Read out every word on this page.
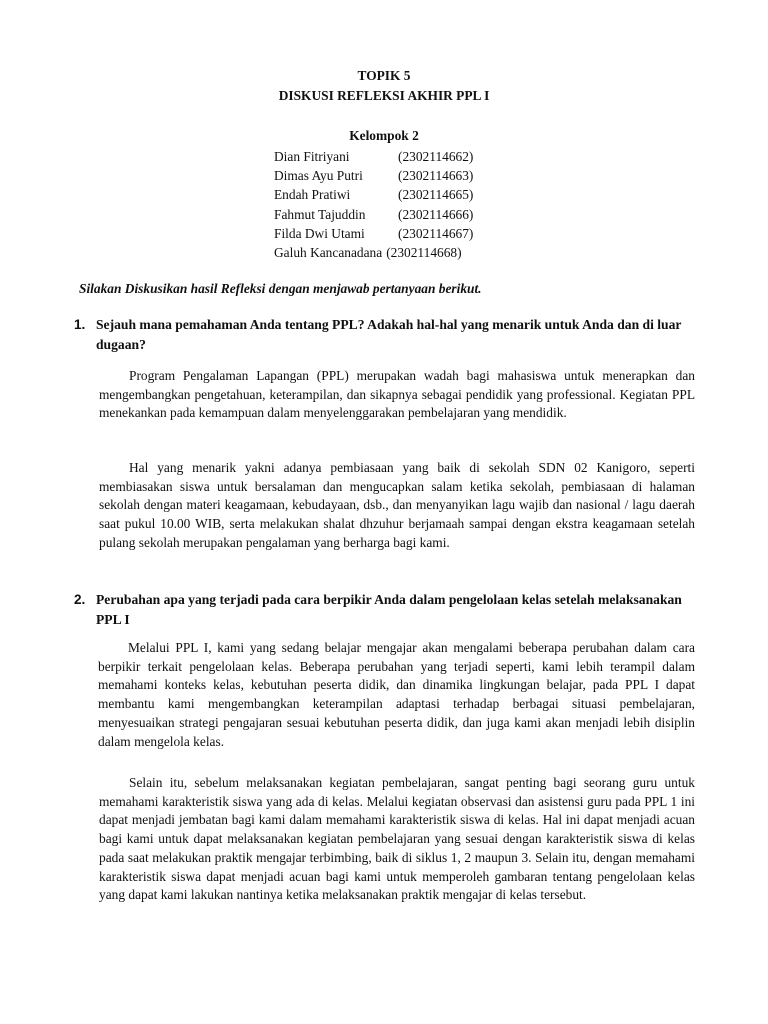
TOPIK 5
DISKUSI REFLEKSI AKHIR PPL I
Kelompok 2
Dian Fitriyani	(2302114662)
Dimas Ayu Putri	(2302114663)
Endah Pratiwi	(2302114665)
Fahmut Tajuddin	(2302114666)
Filda Dwi Utami	(2302114667)
Galuh Kancanadana (2302114668)
Silakan Diskusikan hasil Refleksi dengan menjawab pertanyaan berikut.
1. Sejauh mana pemahaman Anda tentang PPL? Adakah hal-hal yang menarik untuk Anda dan di luar dugaan?

Program Pengalaman Lapangan (PPL) merupakan wadah bagi mahasiswa untuk menerapkan dan mengembangkan pengetahuan, keterampilan, dan sikapnya sebagai pendidik yang professional. Kegiatan PPL menekankan pada kemampuan dalam menyelenggarakan pembelajaran yang mendidik.

Hal yang menarik yakni adanya pembiasaan yang baik di sekolah SDN 02 Kanigoro, seperti membiasakan siswa untuk bersalaman dan mengucapkan salam ketika sekolah, pembiasaan di halaman sekolah dengan materi keagamaan, kebudayaan, dsb., dan menyanyikan lagu wajib dan nasional / lagu daerah saat pukul 10.00 WIB, serta melakukan shalat dhzuhur berjamaah sampai dengan ekstra keagamaan setelah pulang sekolah merupakan pengalaman yang berharga bagi kami.

2. Perubahan apa yang terjadi pada cara berpikir Anda dalam pengelolaan kelas setelah melaksanakan PPL I

Melalui PPL I, kami yang sedang belajar mengajar akan mengalami beberapa perubahan dalam cara berpikir terkait pengelolaan kelas. Beberapa perubahan yang terjadi seperti, kami lebih terampil dalam memahami konteks kelas, kebutuhan peserta didik, dan dinamika lingkungan belajar, pada PPL I dapat membantu kami mengembangkan keterampilan adaptasi terhadap berbagai situasi pembelajaran, menyesuaikan strategi pengajaran sesuai kebutuhan peserta didik, dan juga kami akan menjadi lebih disiplin dalam mengelola kelas.

Selain itu, sebelum melaksanakan kegiatan pembelajaran, sangat penting bagi seorang guru untuk memahami karakteristik siswa yang ada di kelas. Melalui kegiatan observasi dan asistensi guru pada PPL 1 ini dapat menjadi jembatan bagi kami dalam memahami karakteristik siswa di kelas. Hal ini dapat menjadi acuan bagi kami untuk dapat melaksanakan kegiatan pembelajaran yang sesuai dengan karakteristik siswa di kelas pada saat melakukan praktik mengajar terbimbing, baik di siklus 1, 2 maupun 3. Selain itu, dengan memahami karakteristik siswa dapat menjadi acuan bagi kami untuk memperoleh gambaran tentang pengelolaan kelas yang dapat kami lakukan nantinya ketika melaksanakan praktik mengajar di kelas tersebut.
